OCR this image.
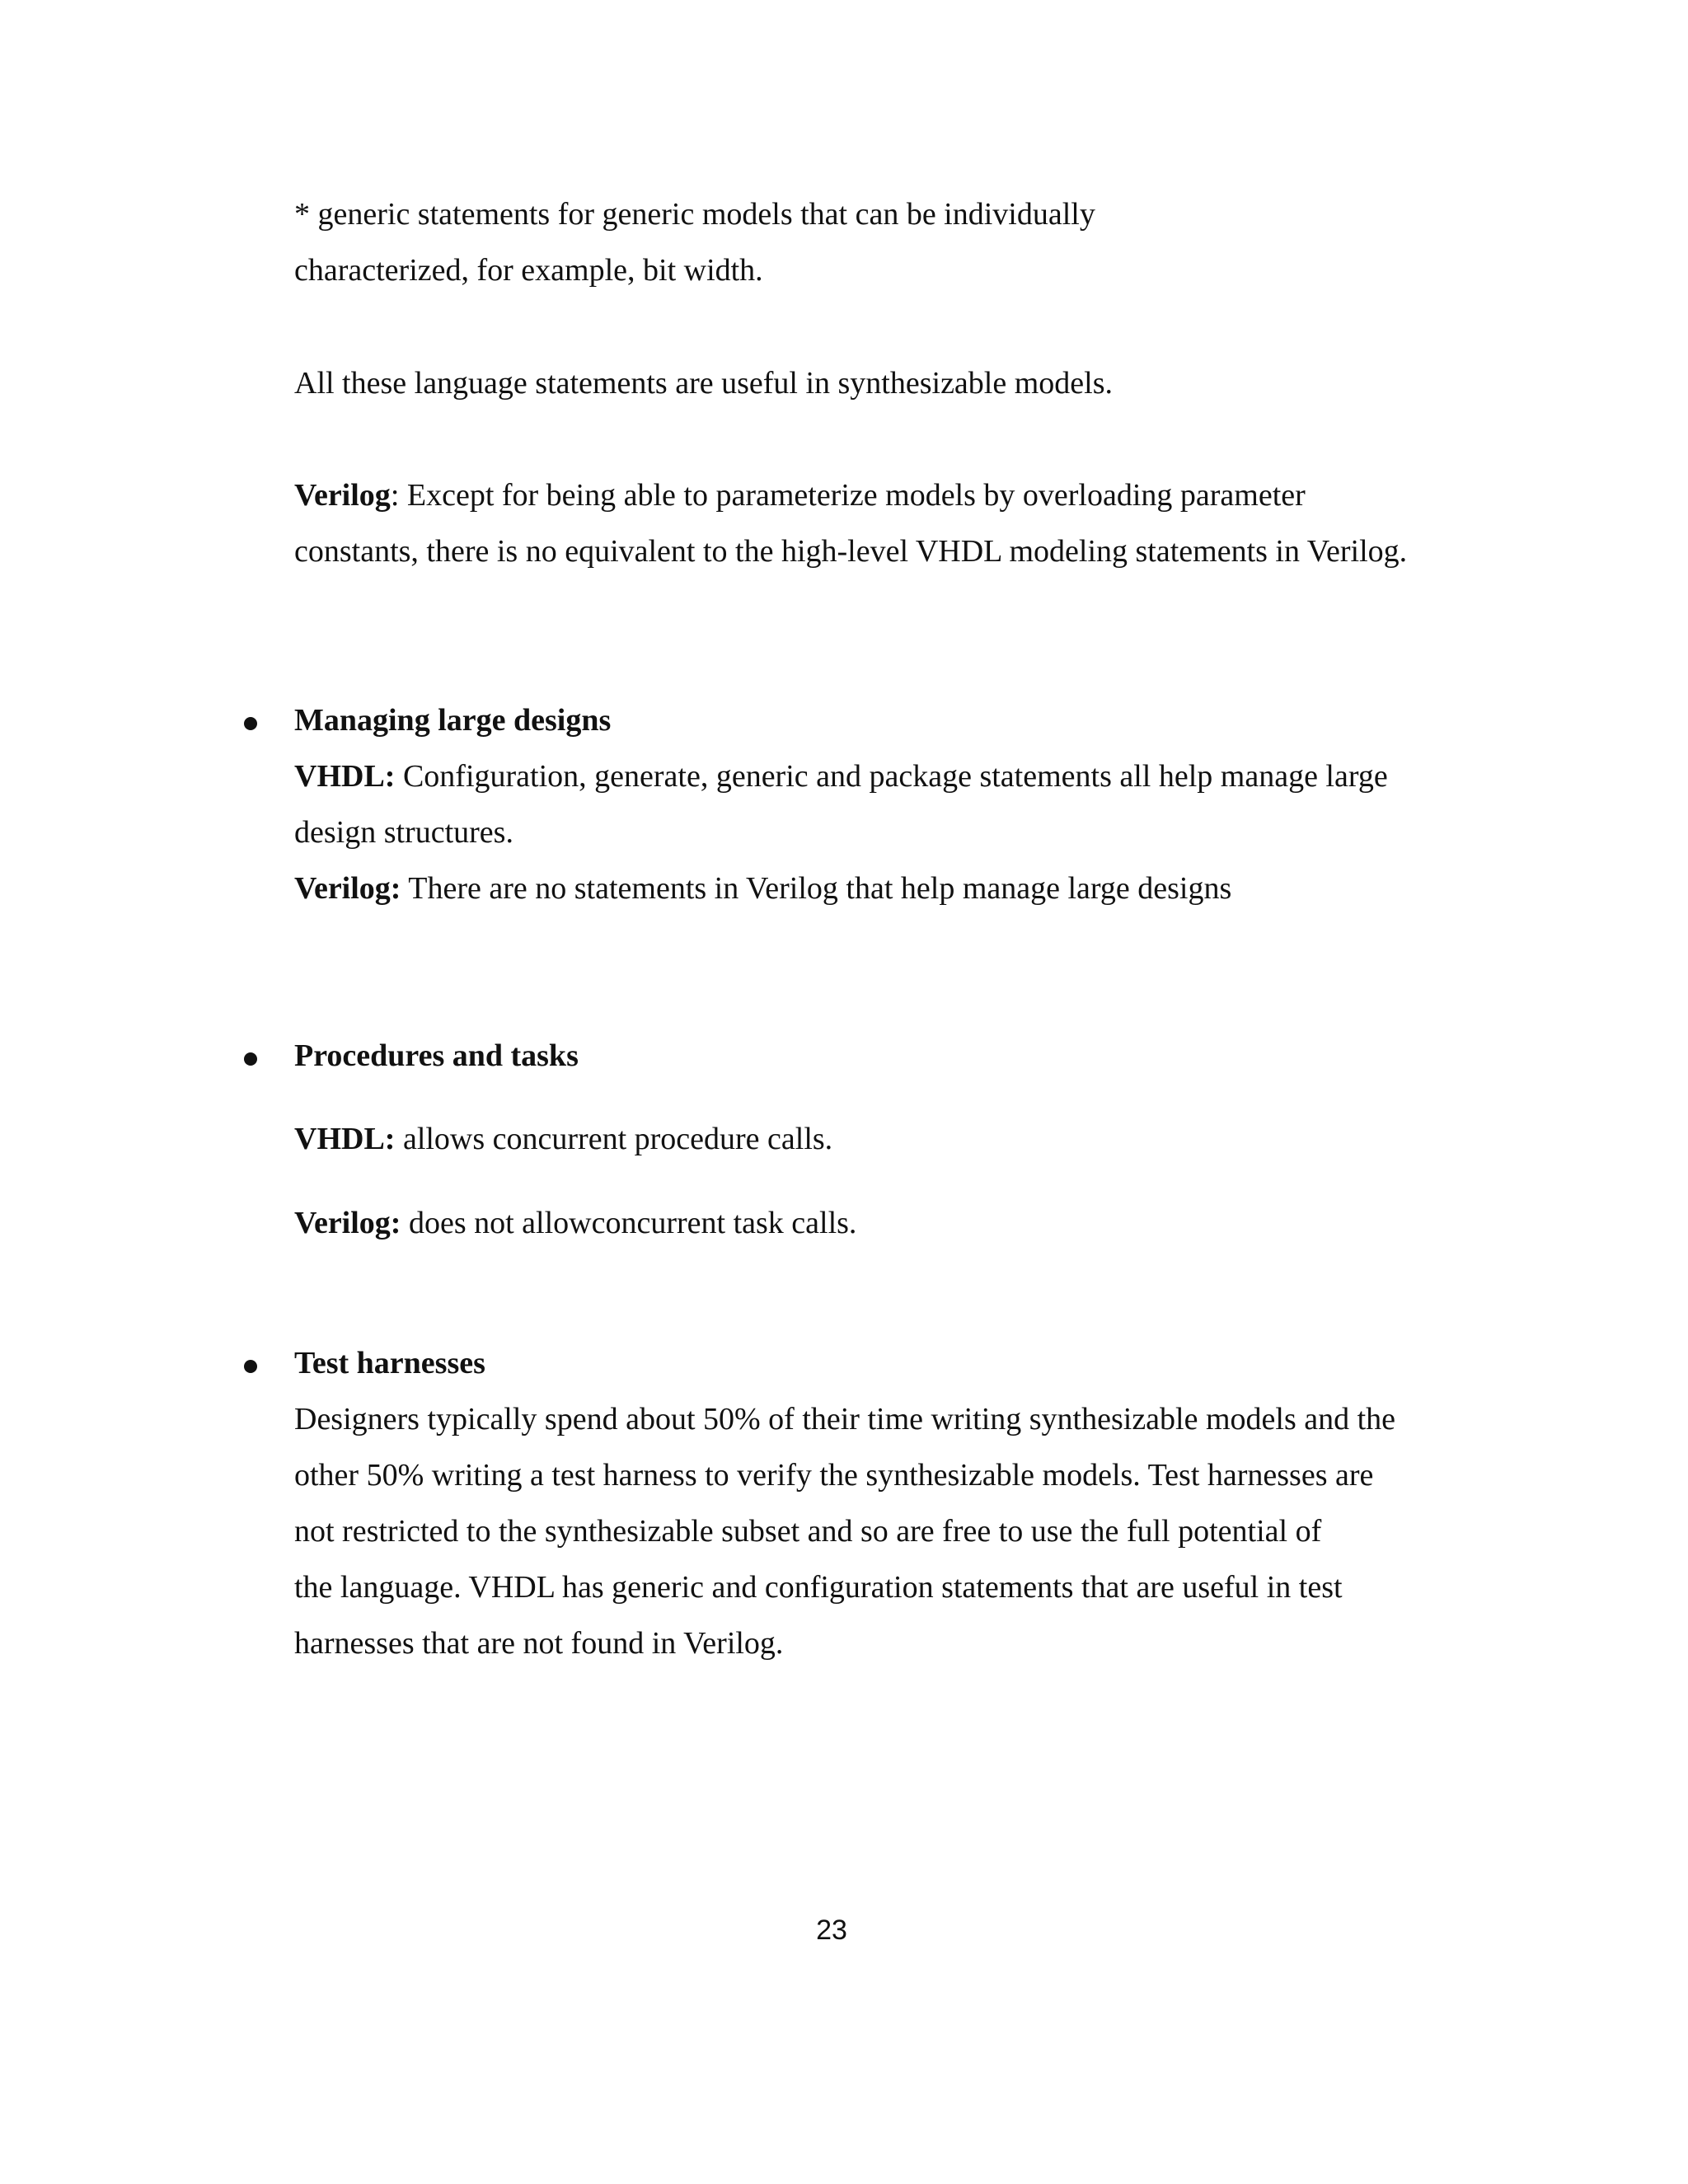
* generic statements for generic models that can be individually
characterized, for example, bit width.
All these language statements are useful in synthesizable models.
Verilog: Except for being able to parameterize models by overloading parameter
constants, there is no equivalent to the high-level VHDL modeling statements in Verilog.
Managing large designs
VHDL: Configuration, generate, generic and package statements all help manage large
design structures.
Verilog: There are no statements in Verilog that help manage large designs
Procedures and tasks
VHDL: allows concurrent procedure calls.
Verilog: does not allowconcurrent task calls.
Test harnesses
Designers typically spend about 50% of their time writing synthesizable models and the
other 50% writing a test harness to verify the synthesizable models. Test harnesses are
not restricted to the synthesizable subset and so are free to use the full potential of
the language. VHDL has generic and configuration statements that are useful in test
harnesses that are not found in Verilog.
23
